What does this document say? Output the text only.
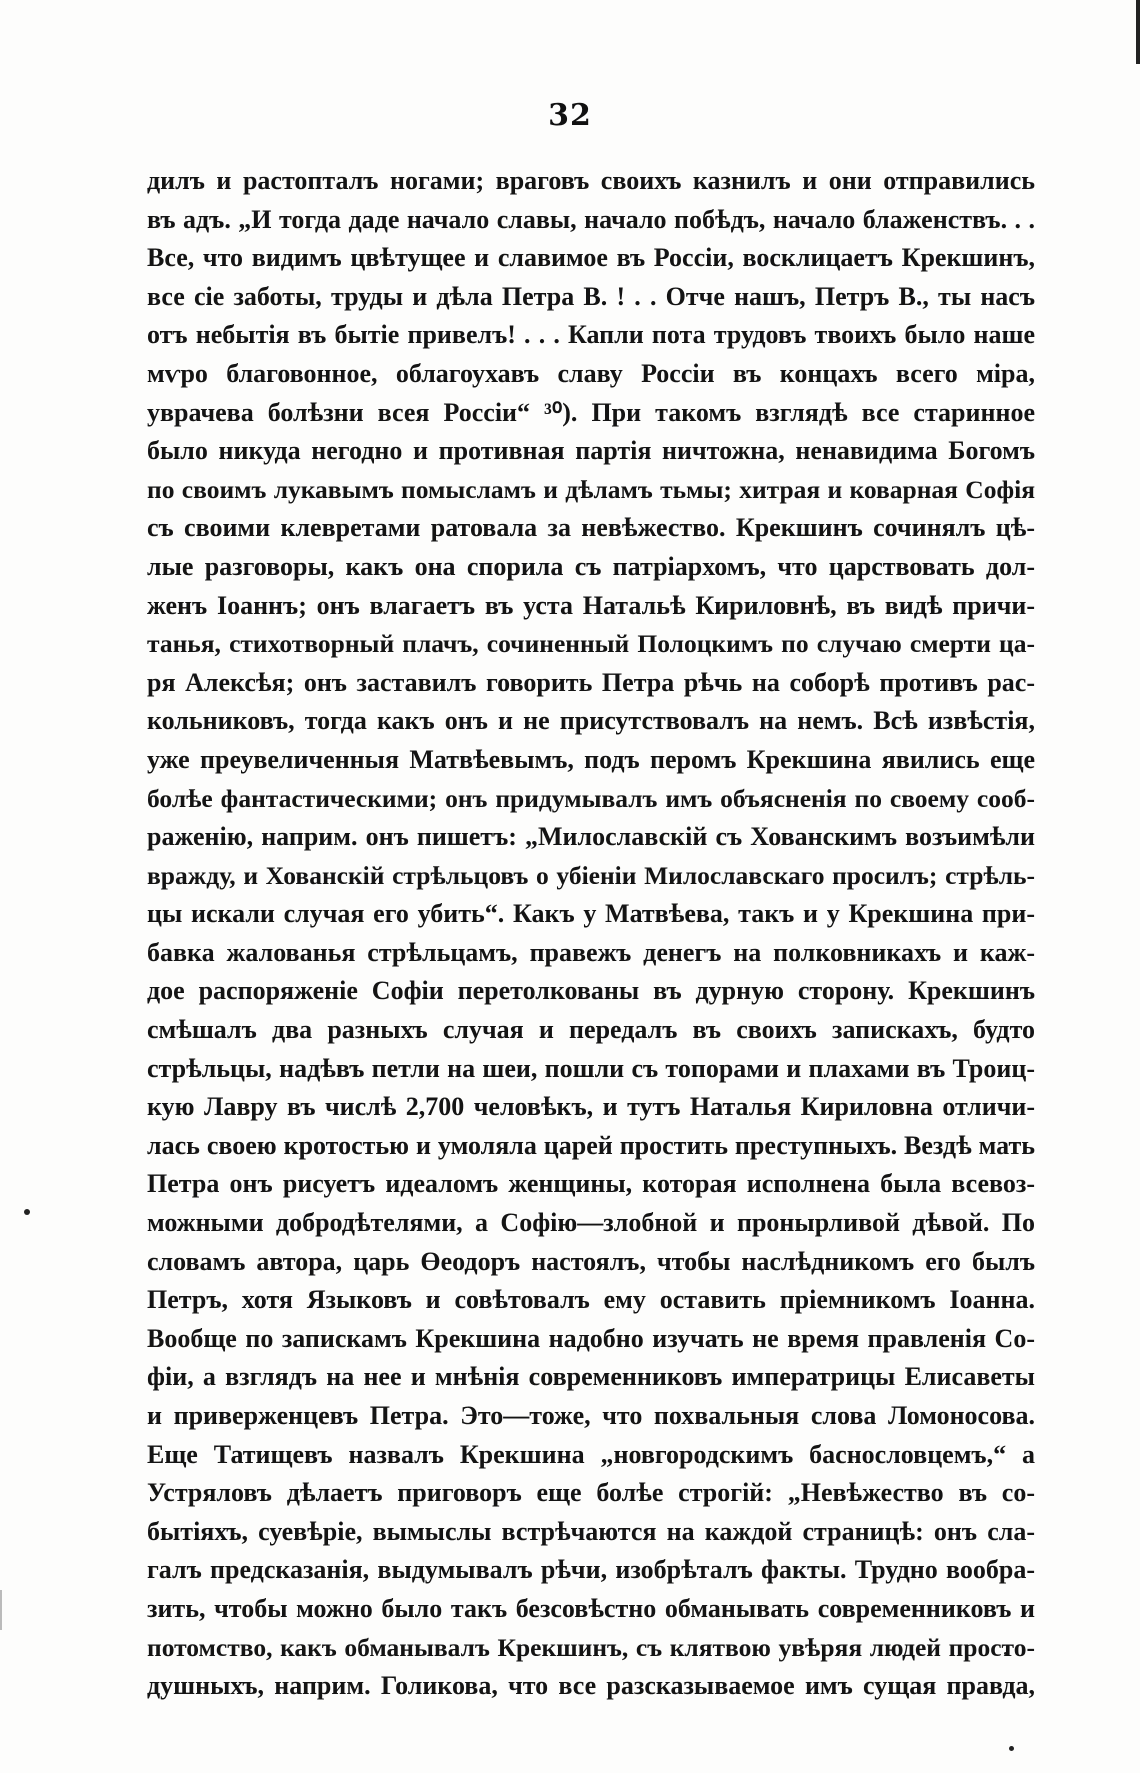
32
дилъ и растопталъ ногами; враговъ своихъ казнилъ и они отправились
въ адъ. „И тогда даде начало славы, начало побѣдъ, начало блаженствъ. . .
Все, что видимъ цвѣтущее и славимое въ Россіи, восклицаетъ Крекшинъ,
все сіе заботы, труды и дѣла Петра В. ! . . Отче нашъ, Петръ В., ты насъ
отъ небытія въ бытіе привелъ! . . . Капли пота трудовъ твоихъ было наше
мѵро благовонное, облагоухавъ славу Россіи въ концахъ всего міра,
уврачева болѣзни всея Россіи“ ³⁰). При такомъ взглядѣ все старинное
было никуда негодно и противная партія ничтожна, ненавидима Богомъ
по своимъ лукавымъ помысламъ и дѣламъ тьмы; хитрая и коварная Софія
съ своими клевретами ратовала за невѣжество. Крекшинъ сочинялъ цѣ-
лые разговоры, какъ она спорила съ патріархомъ, что царствовать дол-
женъ Іоаннъ; онъ влагаетъ въ уста Натальѣ Кириловнѣ, въ видѣ причи-
танья, стихотворный плачъ, сочиненный Полоцкимъ по случаю смерти ца-
ря Алексѣя; онъ заставилъ говорить Петра рѣчь на соборѣ противъ рас-
кольниковъ, тогда какъ онъ и не присутствовалъ на немъ. Всѣ извѣстія,
уже преувеличенныя Матвѣевымъ, подъ перомъ Крекшина явились еще
болѣе фантастическими; онъ придумывалъ имъ объясненія по своему сооб-
раженію, наприм. онъ пишетъ: „Милославскій съ Хованскимъ возъимѣли
вражду, и Хованскій стрѣльцовъ о убіеніи Милославскаго просилъ; стрѣль-
цы искали случая его убить“. Какъ у Матвѣева, такъ и у Крекшина при-
бавка жалованья стрѣльцамъ, правежъ денегъ на полковникахъ и каж-
дое распоряженіе Софіи перетолкованы въ дурную сторону. Крекшинъ
смѣшалъ два разныхъ случая и передалъ въ своихъ запискахъ, будто
стрѣльцы, надѣвъ петли на шеи, пошли съ топорами и плахами въ Троиц-
кую Лавру въ числѣ 2,700 человѣкъ, и тутъ Наталья Кириловна отличи-
лась своею кротостью и умоляла царей простить преступныхъ. Вездѣ мать
Петра онъ рисуетъ идеаломъ женщины, которая исполнена была всевоз-
можными добродѣтелями, а Софію—злобной и пронырливой дѣвой. По
словамъ автора, царь Өеодоръ настоялъ, чтобы наслѣдникомъ его былъ
Петръ, хотя Языковъ и совѣтовалъ ему оставить пріемникомъ Іоанна.
Вообще по запискамъ Крекшина надобно изучать не время правленія Со-
фіи, а взглядъ на нее и мнѣнія современниковъ императрицы Елисаветы
и приверженцевъ Петра. Это—тоже, что похвальныя слова Ломоносова.
Еще Татищевъ назвалъ Крекшина „новгородскимъ баснословцемъ,“ а
Устряловъ дѣлаетъ приговоръ еще болѣе строгій: „Невѣжество въ со-
бытіяхъ, суевѣріе, вымыслы встрѣчаются на каждой страницѣ: онъ сла-
галъ предсказанія, выдумывалъ рѣчи, изобрѣталъ факты. Трудно вообра-
зить, чтобы можно было такъ безсовѣстно обманывать современниковъ и
потомство, какъ обманывалъ Крекшинъ, съ клятвою увѣряя людей просто-
душныхъ, наприм. Голикова, что все разсказываемое имъ сущая правда,
